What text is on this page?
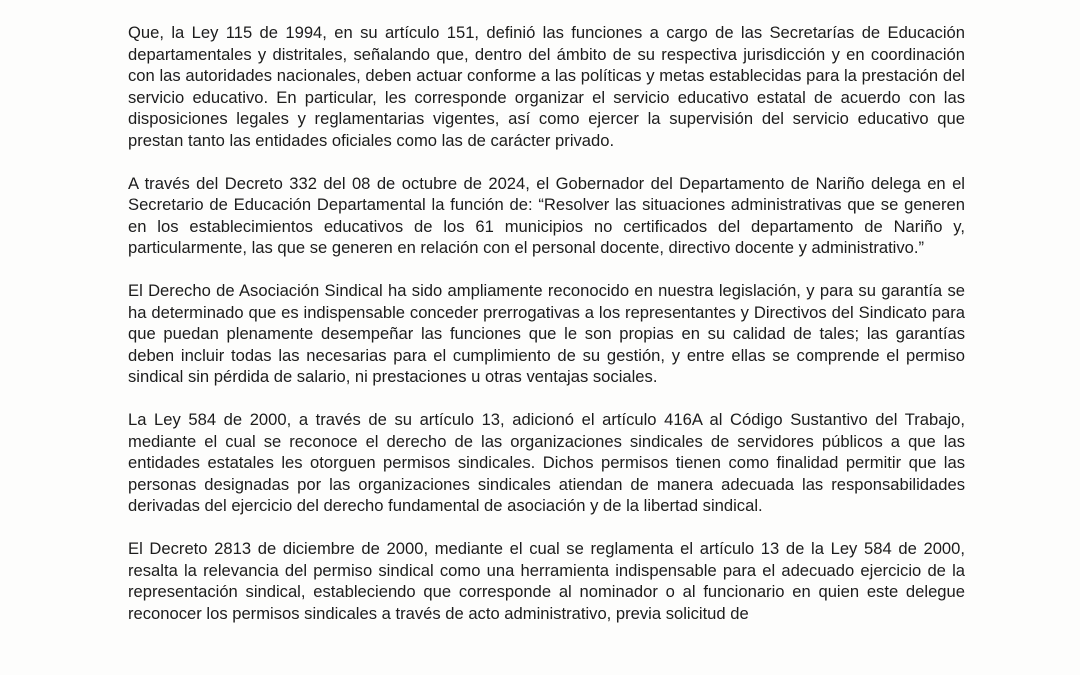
Que, la Ley 115 de 1994, en su artículo 151, definió las funciones a cargo de las Secretarías de Educación departamentales y distritales, señalando que, dentro del ámbito de su respectiva jurisdicción y en coordinación con las autoridades nacionales, deben actuar conforme a las políticas y metas establecidas para la prestación del servicio educativo. En particular, les corresponde organizar el servicio educativo estatal de acuerdo con las disposiciones legales y reglamentarias vigentes, así como ejercer la supervisión del servicio educativo que prestan tanto las entidades oficiales como las de carácter privado.

A través del Decreto 332 del 08 de octubre de 2024, el Gobernador del Departamento de Nariño delega en el Secretario de Educación Departamental la función de: “Resolver las situaciones administrativas que se generen en los establecimientos educativos de los 61 municipios no certificados del departamento de Nariño y, particularmente, las que se generen en relación con el personal docente, directivo docente y administrativo.”

El Derecho de Asociación Sindical ha sido ampliamente reconocido en nuestra legislación, y para su garantía se ha determinado que es indispensable conceder prerrogativas a los representantes y Directivos del Sindicato para que puedan plenamente desempeñar las funciones que le son propias en su calidad de tales; las garantías deben incluir todas las necesarias para el cumplimiento de su gestión, y entre ellas se comprende el permiso sindical sin pérdida de salario, ni prestaciones u otras ventajas sociales.

La Ley 584 de 2000, a través de su artículo 13, adicionó el artículo 416A al Código Sustantivo del Trabajo, mediante el cual se reconoce el derecho de las organizaciones sindicales de servidores públicos a que las entidades estatales les otorguen permisos sindicales. Dichos permisos tienen como finalidad permitir que las personas designadas por las organizaciones sindicales atiendan de manera adecuada las responsabilidades derivadas del ejercicio del derecho fundamental de asociación y de la libertad sindical.

El Decreto 2813 de diciembre de 2000, mediante el cual se reglamenta el artículo 13 de la Ley 584 de 2000, resalta la relevancia del permiso sindical como una herramienta indispensable para el adecuado ejercicio de la representación sindical, estableciendo que corresponde al nominador o al funcionario en quien este delegue reconocer los permisos sindicales a través de acto administrativo, previa solicitud de
